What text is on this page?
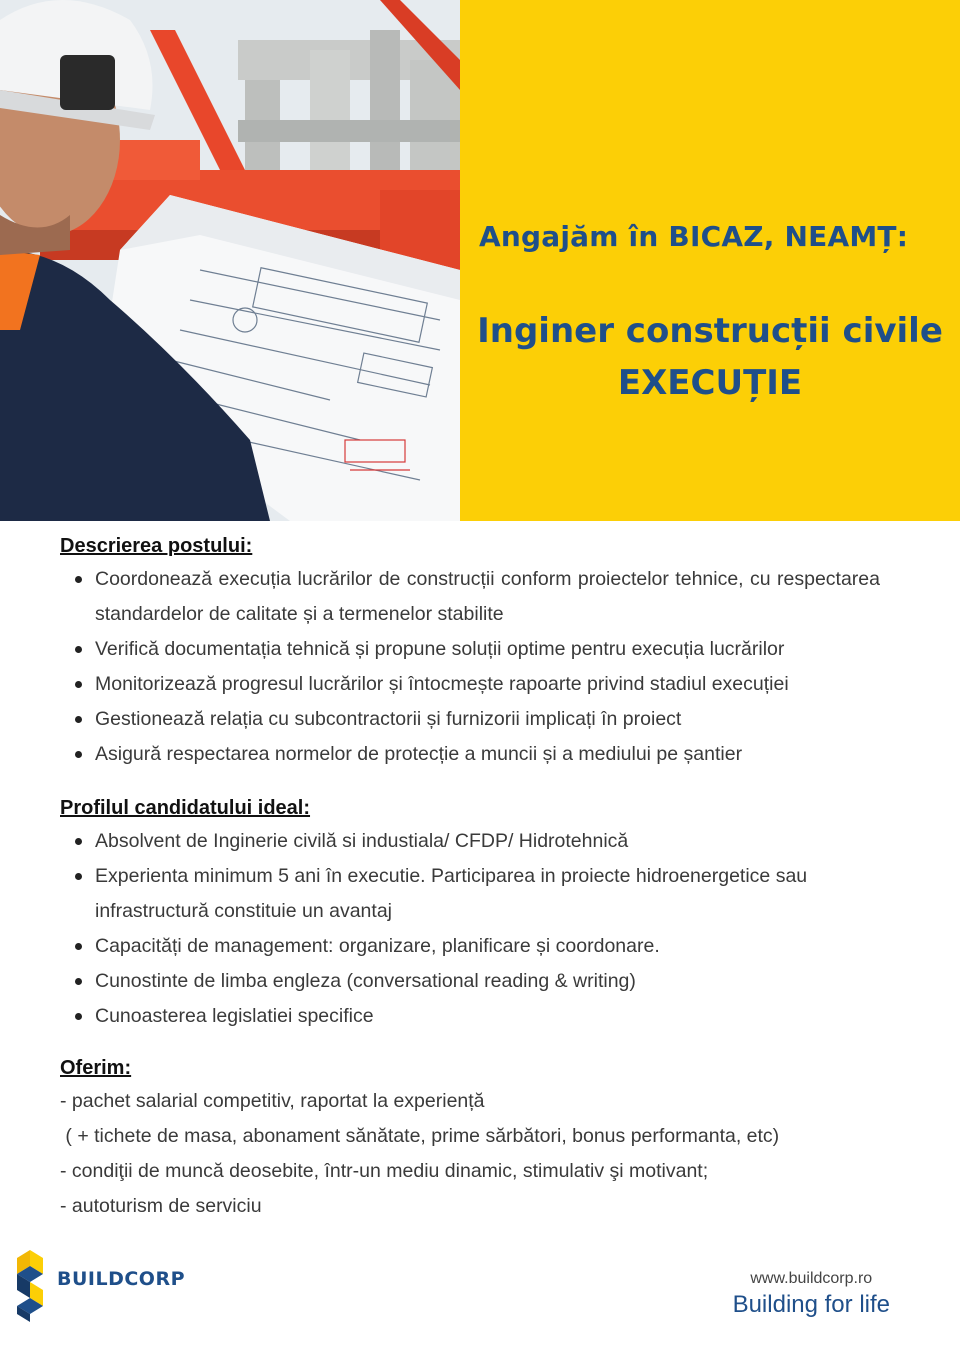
Angajăm în BICAZ, NEAMȚ:
Inginer construcții civile
EXECUȚIE

Descrierea postului:

Coordonează execuția lucrărilor de construcții conform proiectelor tehnice, cu respectarea standardelor de calitate și a termenelor stabilite
Verifică documentația tehnică și propune soluții optime pentru execuția lucrărilor
Monitorizează progresul lucrărilor și întocmește rapoarte privind stadiul execuției
Gestionează relația cu subcontractorii și furnizorii implicați în proiect
Asigură respectarea normelor de protecție a muncii și a mediului pe șantier

Profilul candidatului ideal:

Absolvent de Inginerie civilă si industiala/ CFDP/ Hidrotehnică
Experienta minimum 5 ani în executie. Participarea in proiecte hidroenergetice sau infrastructură constituie un avantaj
Capacități de management: organizare, planificare și coordonare.
Cunostinte de limba engleza (conversational reading & writing)
Cunoasterea legislatiei specifice

Oferim:

- pachet salarial competitiv, raportat la experiență
( + tichete de masa, abonament sănătate, prime sărbători, bonus performanta, etc)
- condiţii de muncă deosebite, într-un mediu dinamic, stimulativ şi motivant;
- autoturism de serviciu
BUILDCORP	www.buildcorp.ro
Building for life
